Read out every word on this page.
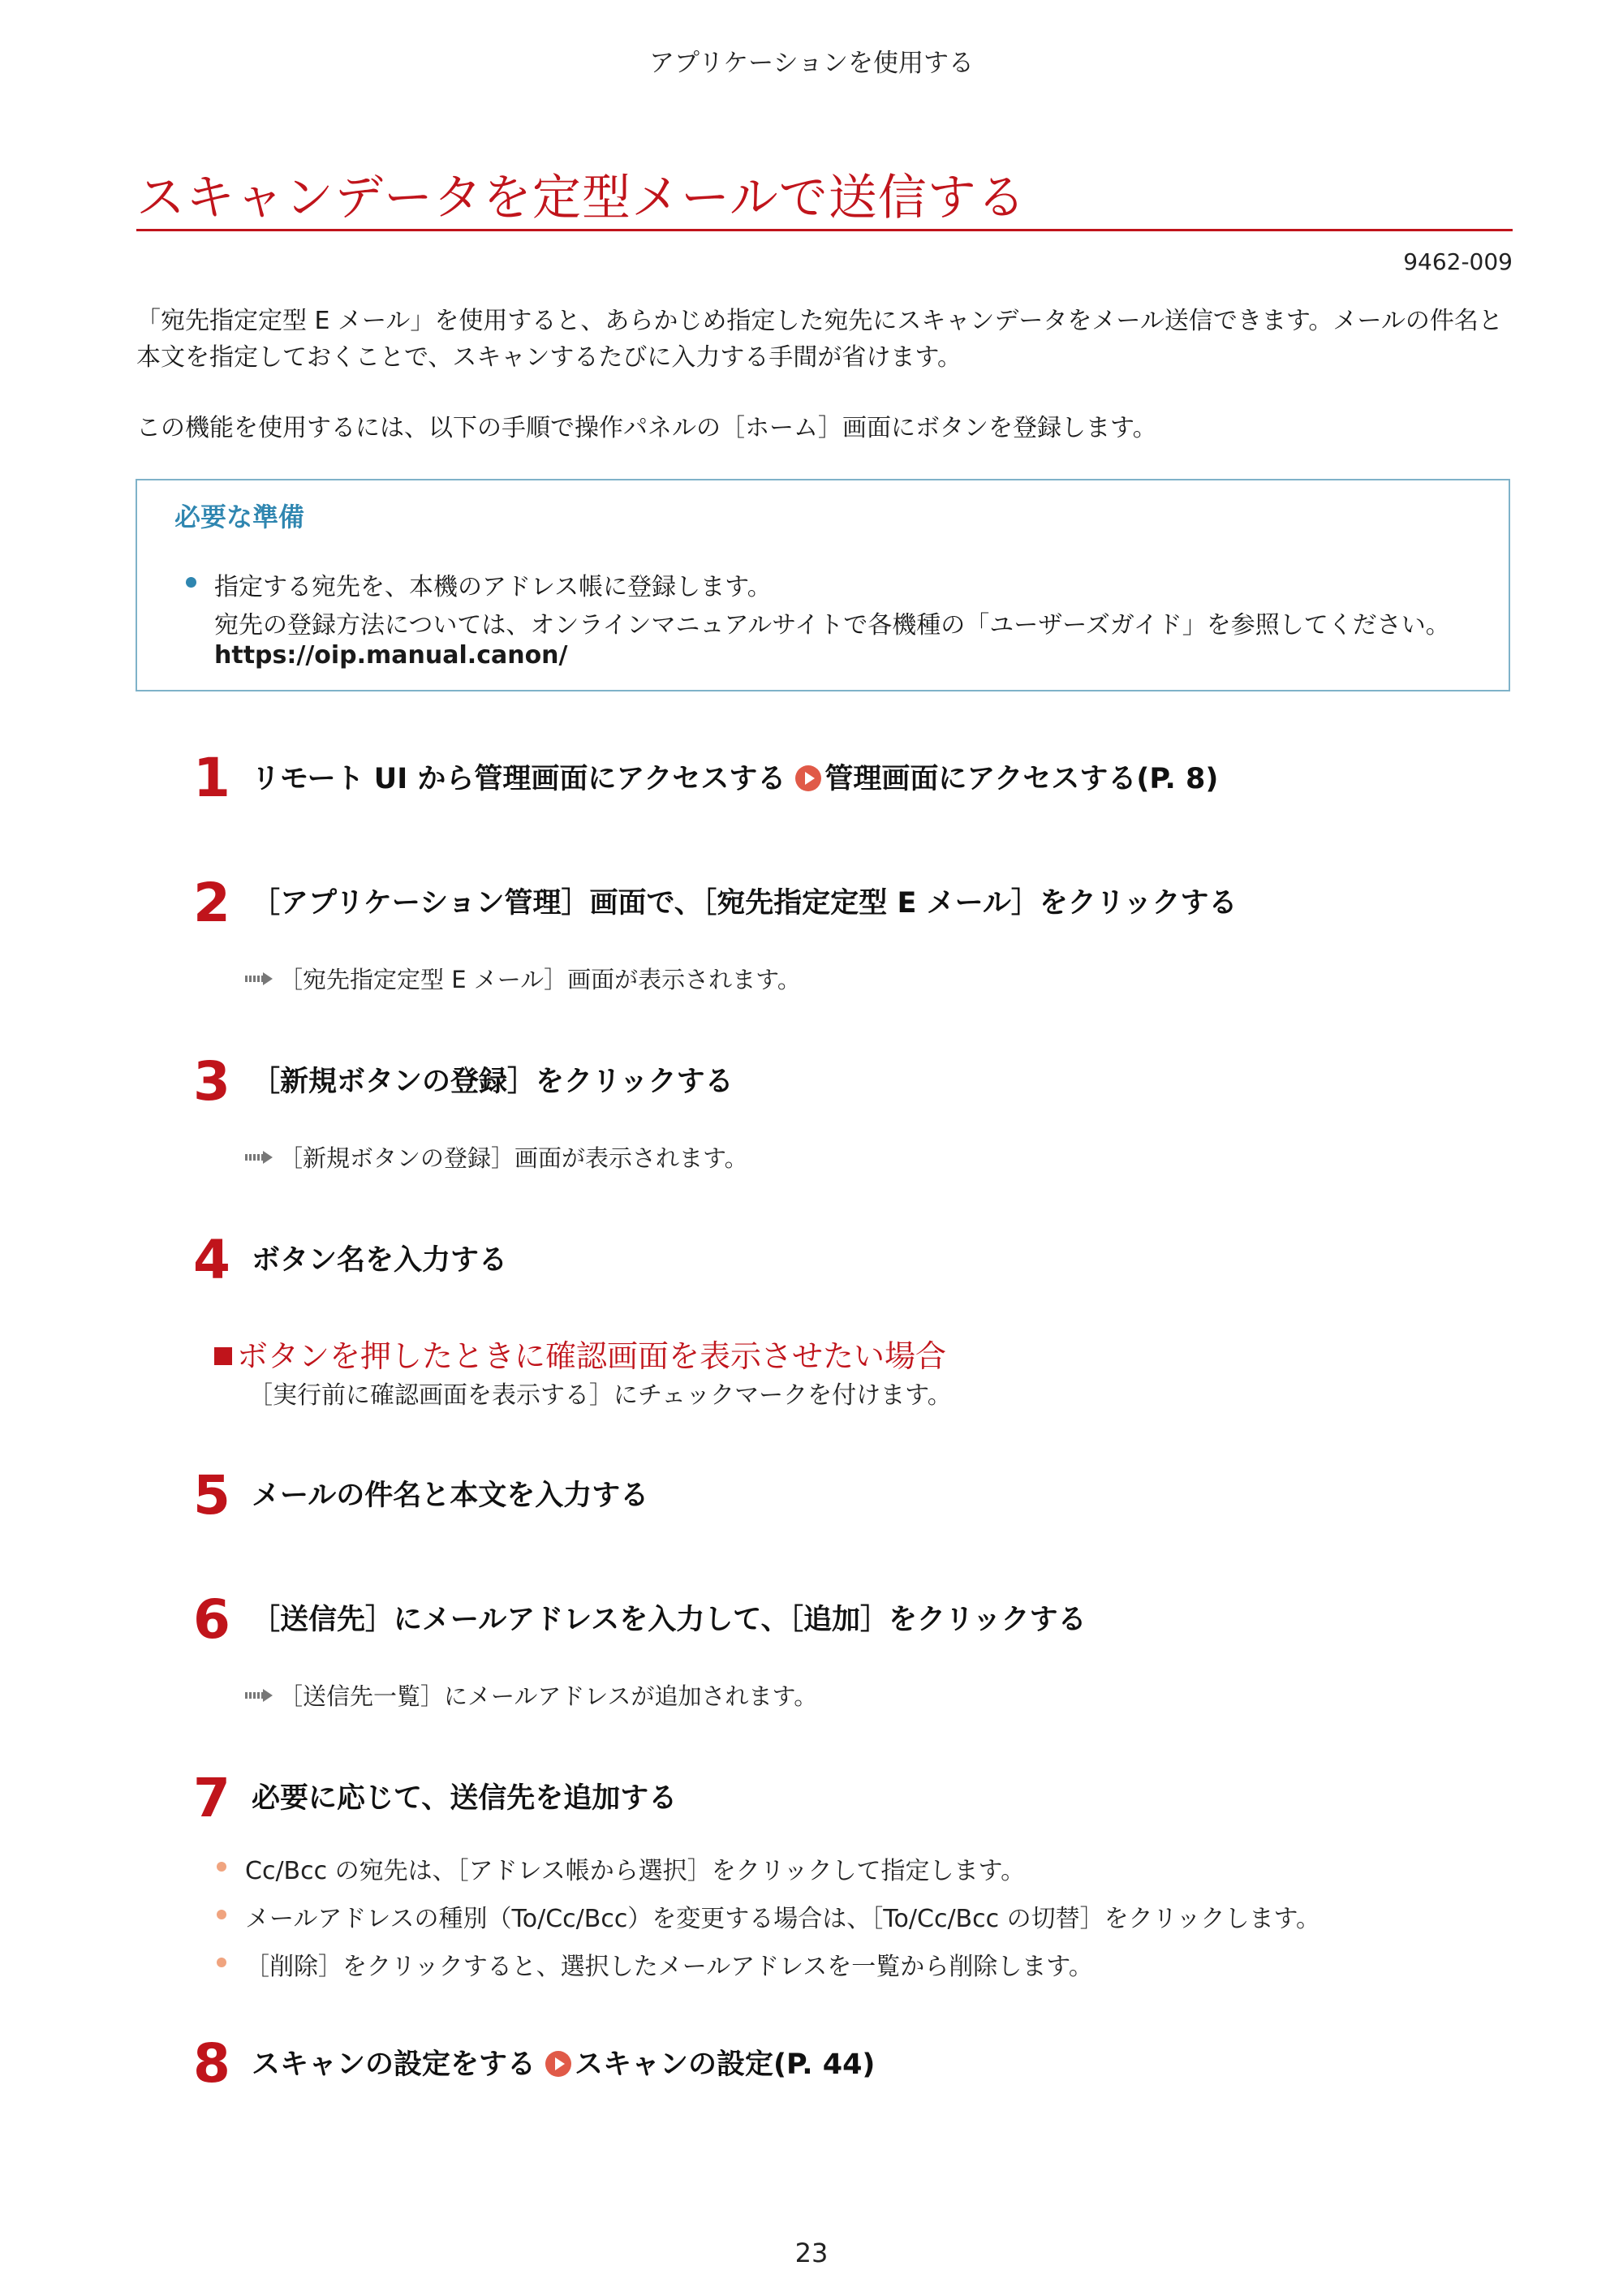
アプリケーションを使用する
スキャンデータを定型メールで送信する
9462-009

「宛先指定定型 E メール」を使用すると、あらかじめ指定した宛先にスキャンデータをメール送信できます。メールの件名と

本文を指定しておくことで、スキャンするたびに入力する手間が省けます。

この機能を使用するには、以下の手順で操作パネルの［ホーム］画面にボタンを登録します。

必要な準備
指定する宛先を、本機のアドレス帳に登録します。
宛先の登録方法については、オンラインマニュアルサイトで各機種の「ユーザーズガイド」を参照してください。
https://oip.manual.canon/
1 リモート UI から管理画面にアクセスする 管理画面にアクセスする(P. 8)
2 ［アプリケーション管理］画面で、［宛先指定定型 E メール］をクリックする
［宛先指定定型 E メール］画面が表示されます。
3 ［新規ボタンの登録］をクリックする
［新規ボタンの登録］画面が表示されます。
4 ボタン名を入力する
ボタンを押したときに確認画面を表示させたい場合
［実行前に確認画面を表示する］にチェックマークを付けます。
5 メールの件名と本文を入力する
6 ［送信先］にメールアドレスを入力して、［追加］をクリックする
［送信先一覧］にメールアドレスが追加されます。
7 必要に応じて、送信先を追加する
Cc/Bcc の宛先は、［アドレス帳から選択］をクリックして指定します。
メールアドレスの種別（To/Cc/Bcc）を変更する場合は、［To/Cc/Bcc の切替］をクリックします。
［削除］をクリックすると、選択したメールアドレスを一覧から削除します。
8 スキャンの設定をする スキャンの設定(P. 44)
23
